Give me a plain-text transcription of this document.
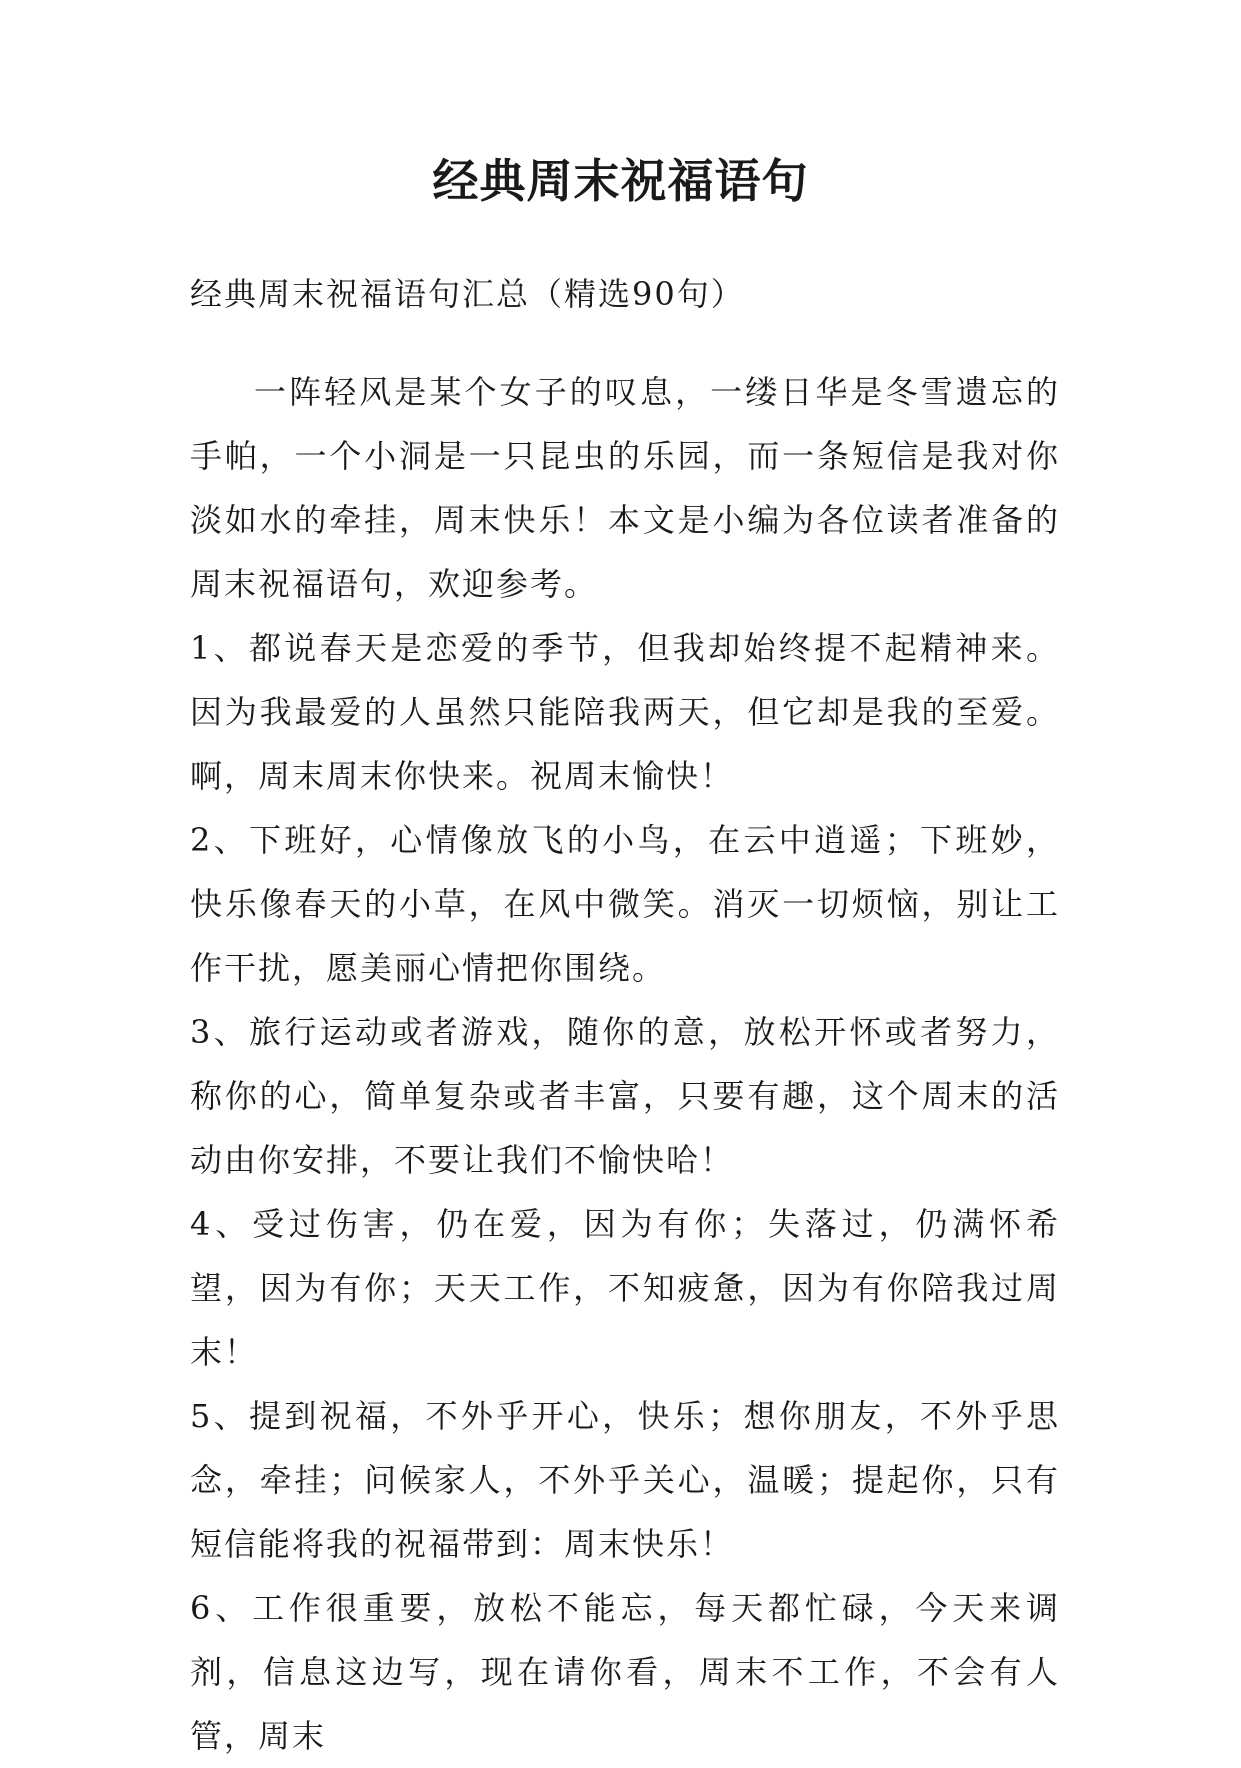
经典周末祝福语句

经典周末祝福语句汇总（精选90句）

一阵轻风是某个女子的叹息，一缕日华是冬雪遗忘的手帕，一个小洞是一只昆虫的乐园，而一条短信是我对你淡如水的牵挂，周末快乐！本文是小编为各位读者准备的周末祝福语句，欢迎参考。

1、都说春天是恋爱的季节，但我却始终提不起精神来。因为我最爱的人虽然只能陪我两天，但它却是我的至爱。啊，周末周末你快来。祝周末愉快！

2、下班好，心情像放飞的小鸟，在云中逍遥；下班妙，快乐像春天的小草，在风中微笑。消灭一切烦恼，别让工作干扰，愿美丽心情把你围绕。

3、旅行运动或者游戏，随你的意，放松开怀或者努力，称你的心，简单复杂或者丰富，只要有趣，这个周末的活动由你安排，不要让我们不愉快哈！

4、受过伤害，仍在爱，因为有你；失落过，仍满怀希望，因为有你；天天工作，不知疲惫，因为有你陪我过周末！

5、提到祝福，不外乎开心，快乐；想你朋友，不外乎思念，牵挂；问候家人，不外乎关心，温暖；提起你，只有短信能将我的祝福带到：周末快乐！

6、工作很重要，放松不能忘，每天都忙碌，今天来调剂，信息这边写，现在请你看，周末不工作，不会有人管，周末
